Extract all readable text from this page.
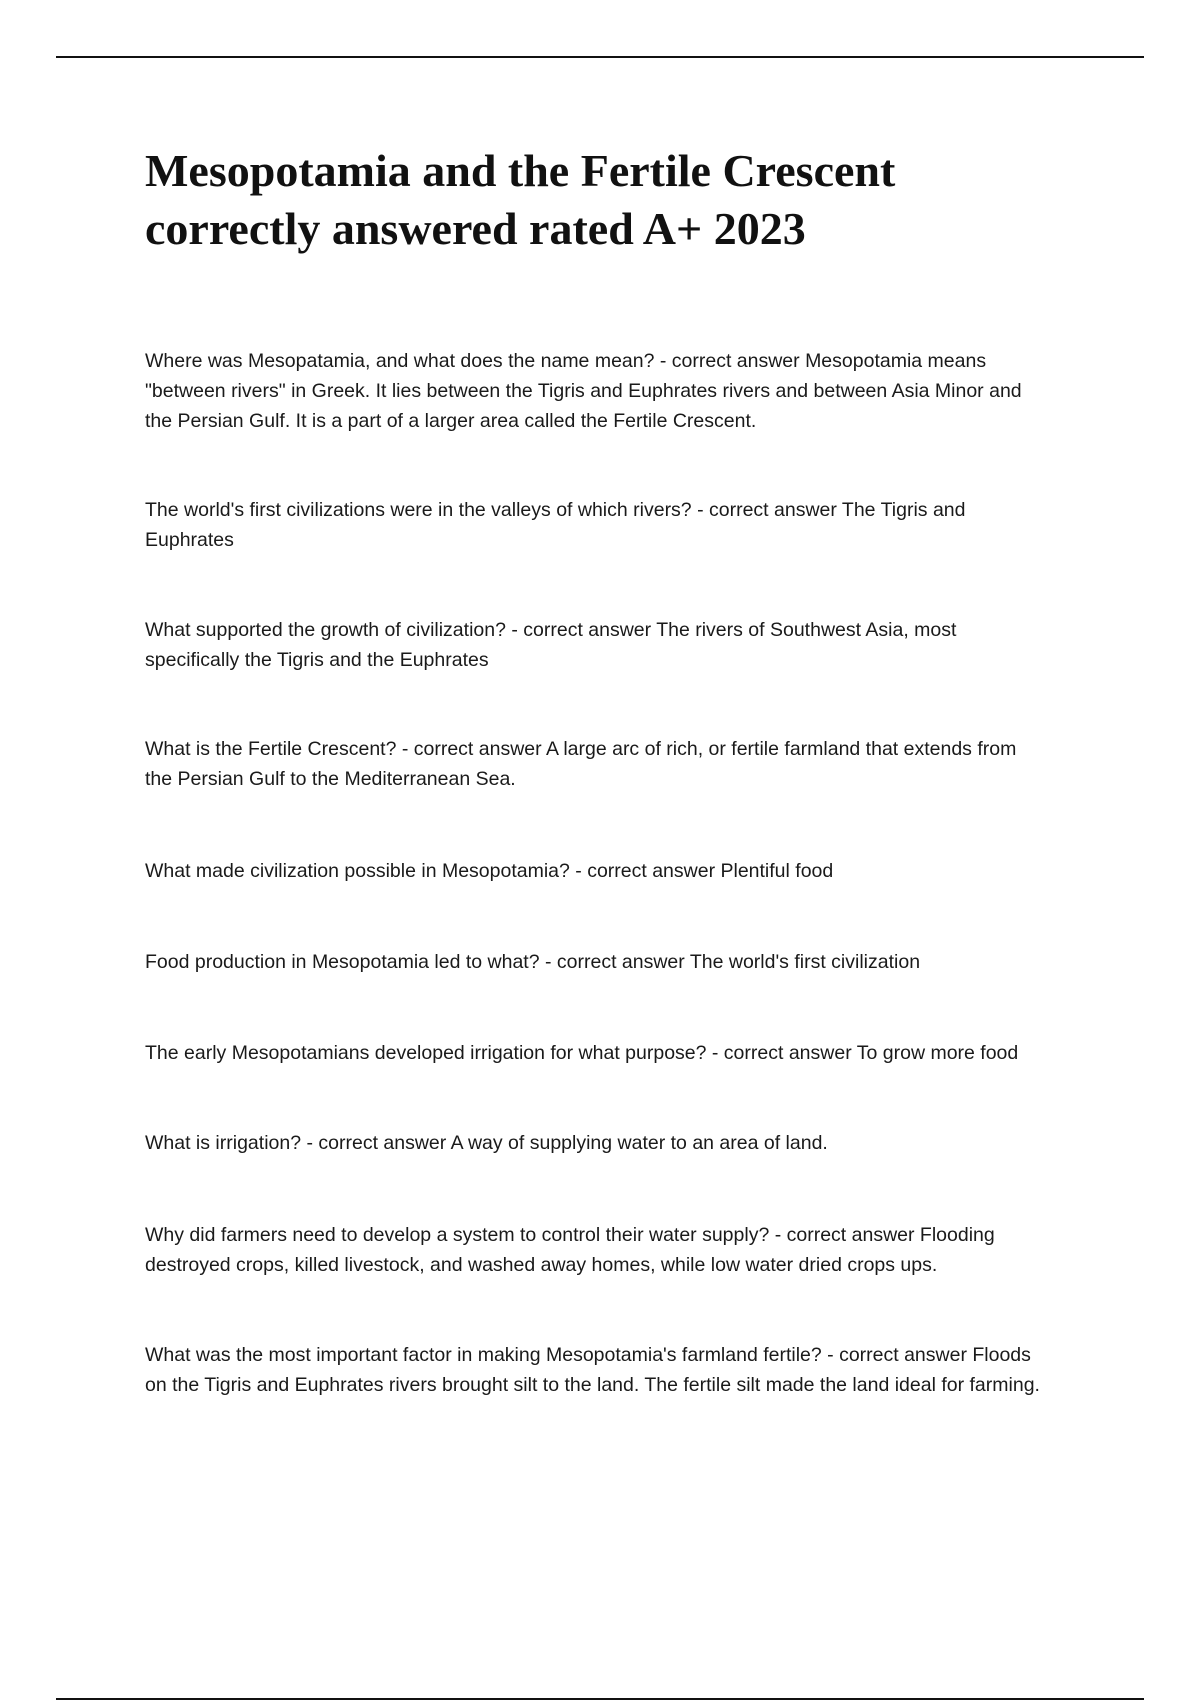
Mesopotamia and the Fertile Crescent
correctly answered rated A+ 2023
Where was Mesopatamia, and what does the name mean? - correct answer Mesopotamia means
"between rivers" in Greek. It lies between the Tigris and Euphrates rivers and between Asia Minor and
the Persian Gulf. It is a part of a larger area called the Fertile Crescent.
The world's first civilizations were in the valleys of which rivers? - correct answer The Tigris and
Euphrates
What supported the growth of civilization? - correct answer The rivers of Southwest Asia, most
specifically the Tigris and the Euphrates
What is the Fertile Crescent? - correct answer A large arc of rich, or fertile farmland that extends from
the Persian Gulf to the Mediterranean Sea.
What made civilization possible in Mesopotamia? - correct answer Plentiful food
Food production in Mesopotamia led to what? - correct answer The world's first civilization
The early Mesopotamians developed irrigation for what purpose? - correct answer To grow more food
What is irrigation? - correct answer A way of supplying water to an area of land.
Why did farmers need to develop a system to control their water supply? - correct answer Flooding
destroyed crops, killed livestock, and washed away homes, while low water dried crops ups.
What was the most important factor in making Mesopotamia's farmland fertile? - correct answer Floods
on the Tigris and Euphrates rivers brought silt to the land. The fertile silt made the land ideal for farming.
